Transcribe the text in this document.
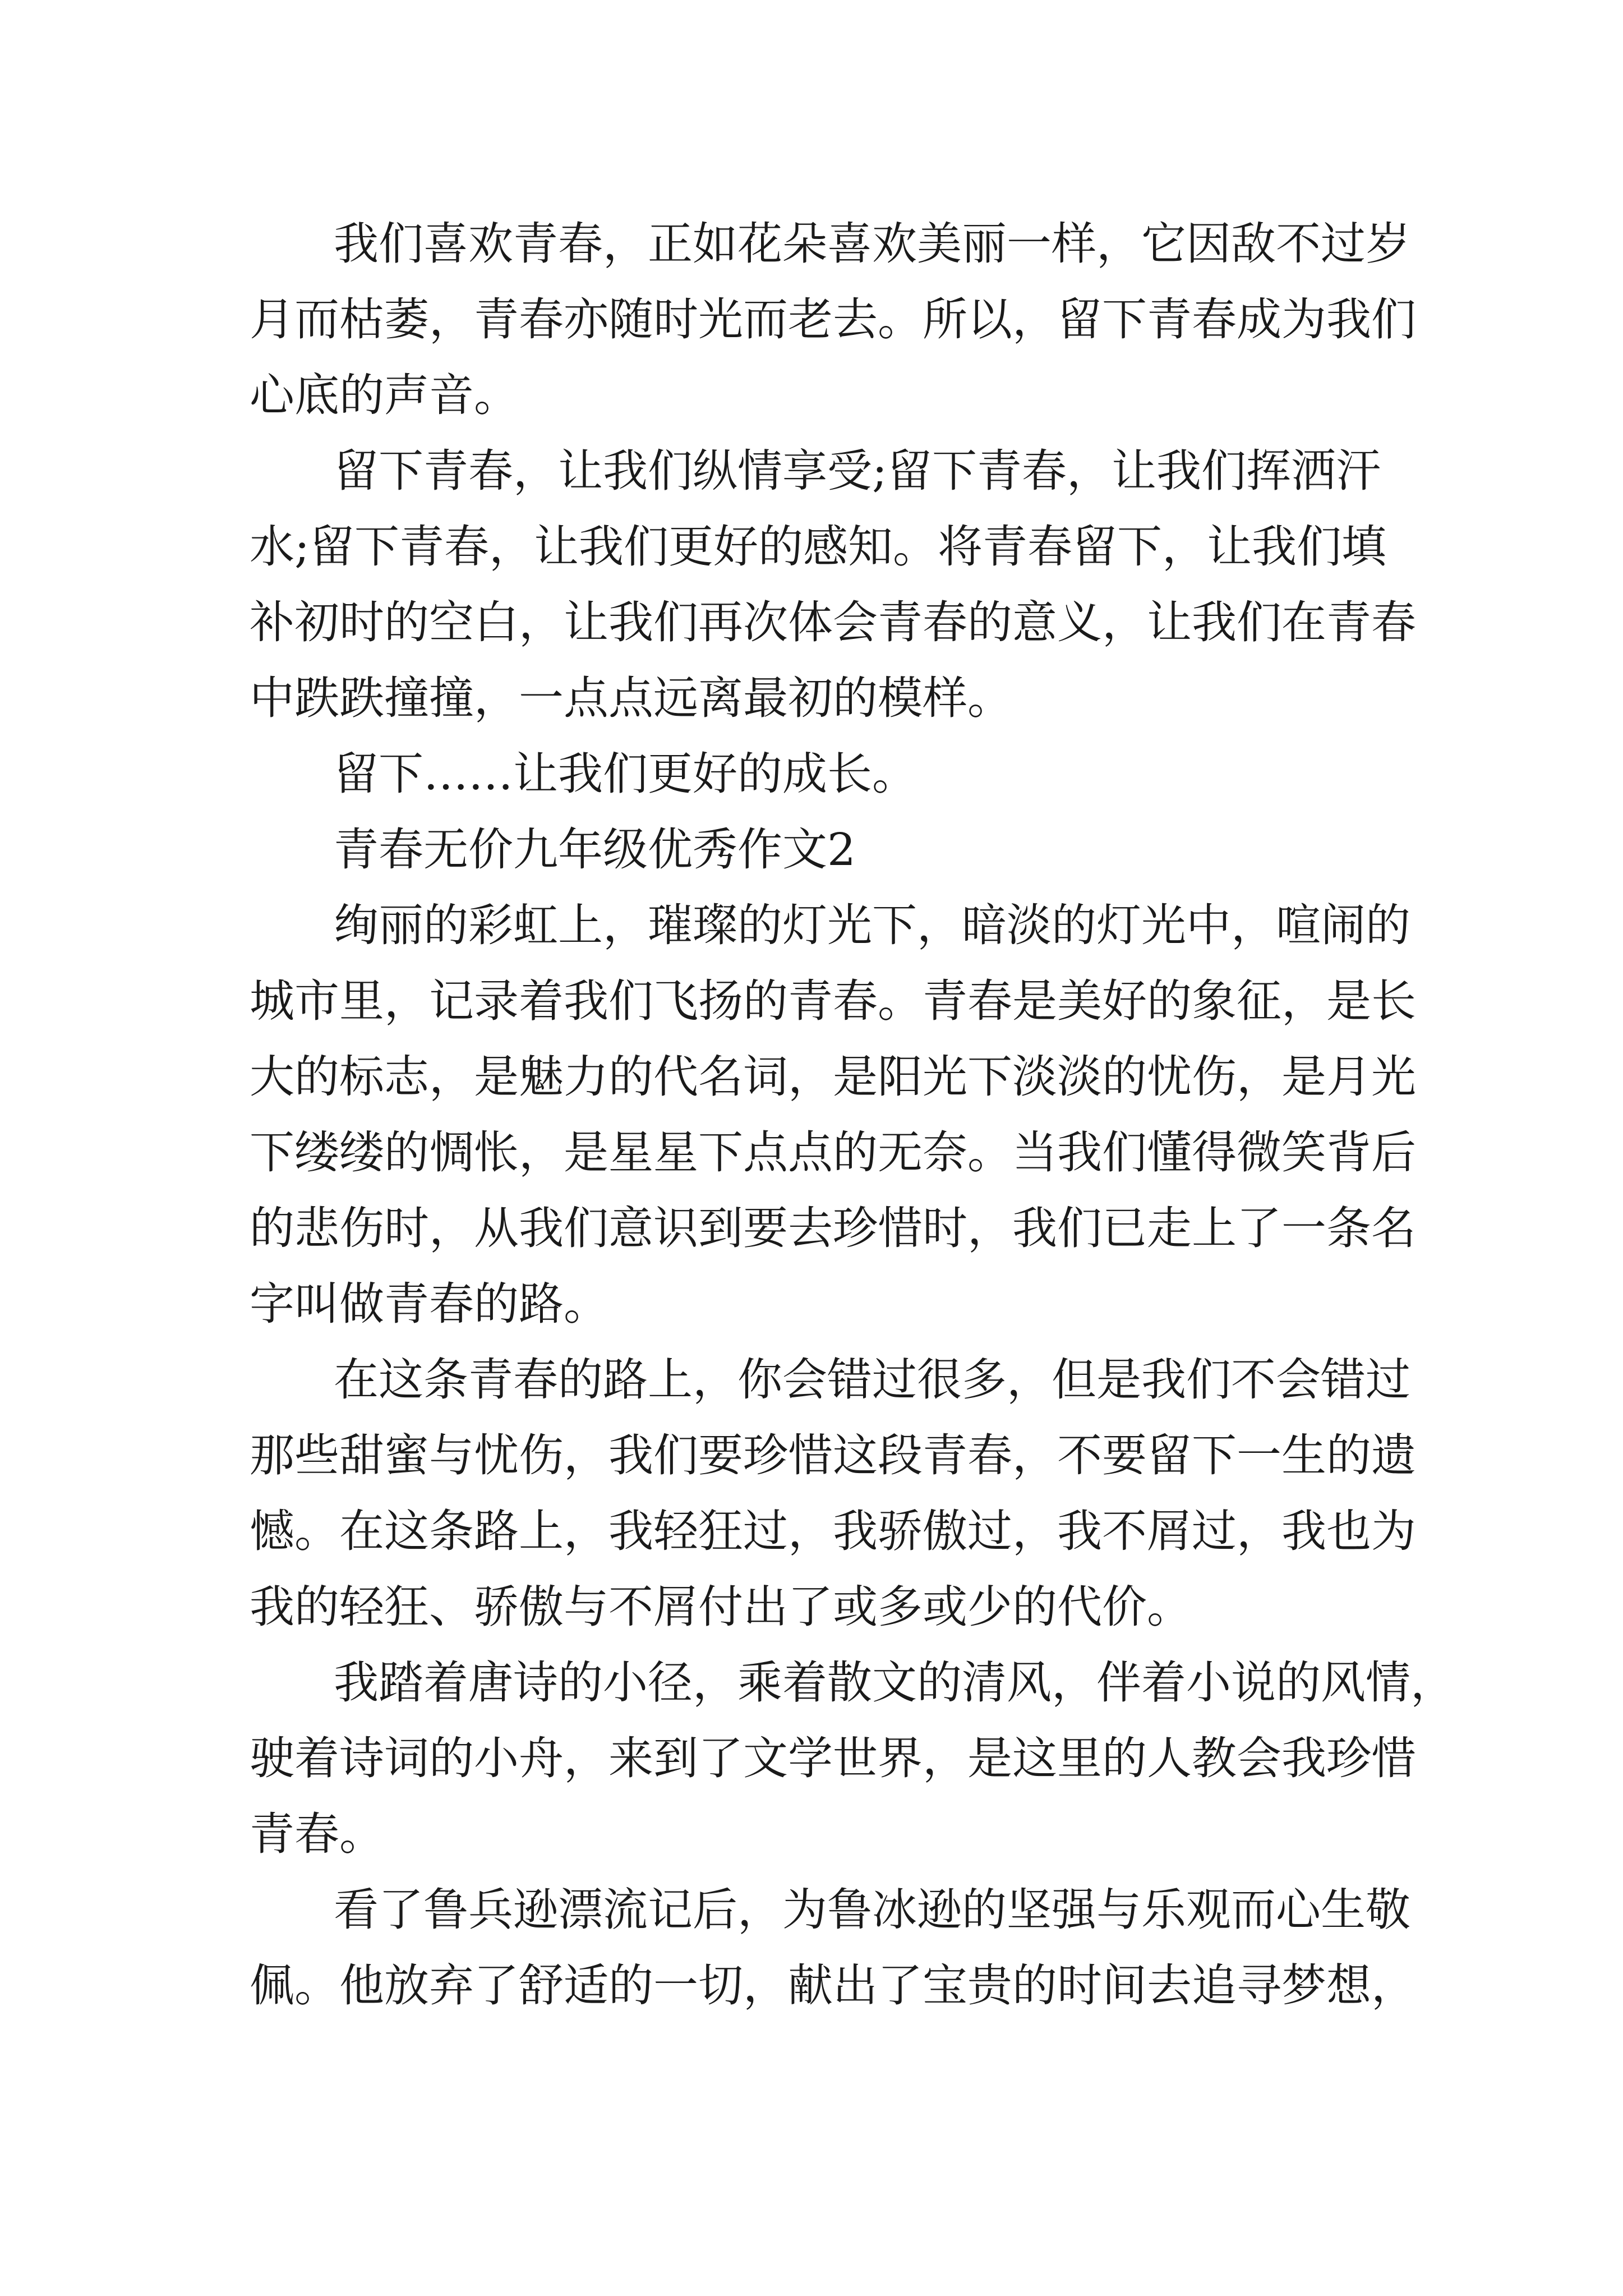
我 们 喜 欢 青 春 ， 正 如 花 朵 喜 欢 美 丽 一 样 ， 它 因 敌 不 过 岁
月 而 枯 萎 ， 青 春 亦 随 时 光 而 老 去 。 所 以 ， 留 下 青 春 成 为 我 们
心 底 的 声 音 。
留 下 青 春 ， 让 我 们 纵 情 享 受 ; 留 下 青 春 ， 让 我 们 挥 洒 汗
水 ; 留 下 青 春 ， 让 我 们 更 好 的 感 知 。 将 青 春 留 下 ， 让 我 们 填
补 初 时 的 空 白 ， 让 我 们 再 次 体 会 青 春 的 意 义 ， 让 我 们 在 青 春
中 跌 跌 撞 撞 ， 一 点 点 远 离 最 初 的 模 样 。
留 下 … … 让 我 们 更 好 的 成 长 。
青 春 无 价 九 年 级 优 秀 作 文 2
绚 丽 的 彩 虹 上 ， 璀 璨 的 灯 光 下 ， 暗 淡 的 灯 光 中 ， 喧 闹 的
城 市 里 ， 记 录 着 我 们 飞 扬 的 青 春 。 青 春 是 美 好 的 象 征 ， 是 长
大 的 标 志 ， 是 魅 力 的 代 名 词 ， 是 阳 光 下 淡 淡 的 忧 伤 ， 是 月 光
下 缕 缕 的 惆 怅 ， 是 星 星 下 点 点 的 无 奈 。 当 我 们 懂 得 微 笑 背 后
的 悲 伤 时 ， 从 我 们 意 识 到 要 去 珍 惜 时 ， 我 们 已 走 上 了 一 条 名
字 叫 做 青 春 的 路 。
在 这 条 青 春 的 路 上 ， 你 会 错 过 很 多 ， 但 是 我 们 不 会 错 过
那 些 甜 蜜 与 忧 伤 ， 我 们 要 珍 惜 这 段 青 春 ， 不 要 留 下 一 生 的 遗
憾 。 在 这 条 路 上 ， 我 轻 狂 过 ， 我 骄 傲 过 ， 我 不 屑 过 ， 我 也 为
我 的 轻 狂 、 骄 傲 与 不 屑 付 出 了 或 多 或 少 的 代 价 。
我 踏 着 唐 诗 的 小 径 ， 乘 着 散 文 的 清 风 ， 伴 着 小 说 的 风 情 ，
驶 着 诗 词 的 小 舟 ， 来 到 了 文 学 世 界 ， 是 这 里 的 人 教 会 我 珍 惜
青 春 。
看 了 鲁 兵 逊 漂 流 记 后 ， 为 鲁 冰 逊 的 坚 强 与 乐 观 而 心 生 敬
佩 。 他 放 弃 了 舒 适 的 一 切 ， 献 出 了 宝 贵 的 时 间 去 追 寻 梦 想 ，
